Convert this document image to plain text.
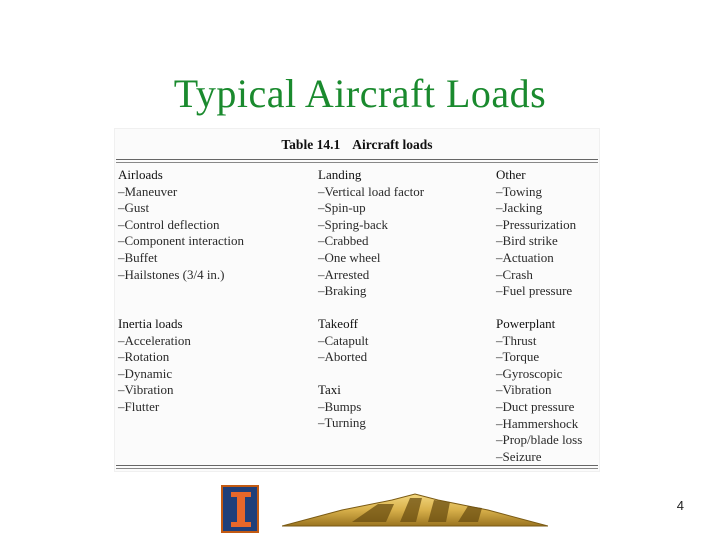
Typical Aircraft Loads
Table 14.1 Aircraft loads
Airloads
–Maneuver
–Gust
–Control deflection
–Component interaction
–Buffet
–Hailstones (3/4 in.)
Landing
–Vertical load factor
–Spin-up
–Spring-back
–Crabbed
–One wheel
–Arrested
–Braking
Other
–Towing
–Jacking
–Pressurization
–Bird strike
–Actuation
–Crash
–Fuel pressure
Inertia loads
–Acceleration
–Rotation
–Dynamic
–Vibration
–Flutter
Takeoff
–Catapult
–Aborted
Taxi
–Bumps
–Turning
Powerplant
–Thrust
–Torque
–Gyroscopic
–Vibration
–Duct pressure
–Hammershock
–Prop/blade loss
–Seizure
4
